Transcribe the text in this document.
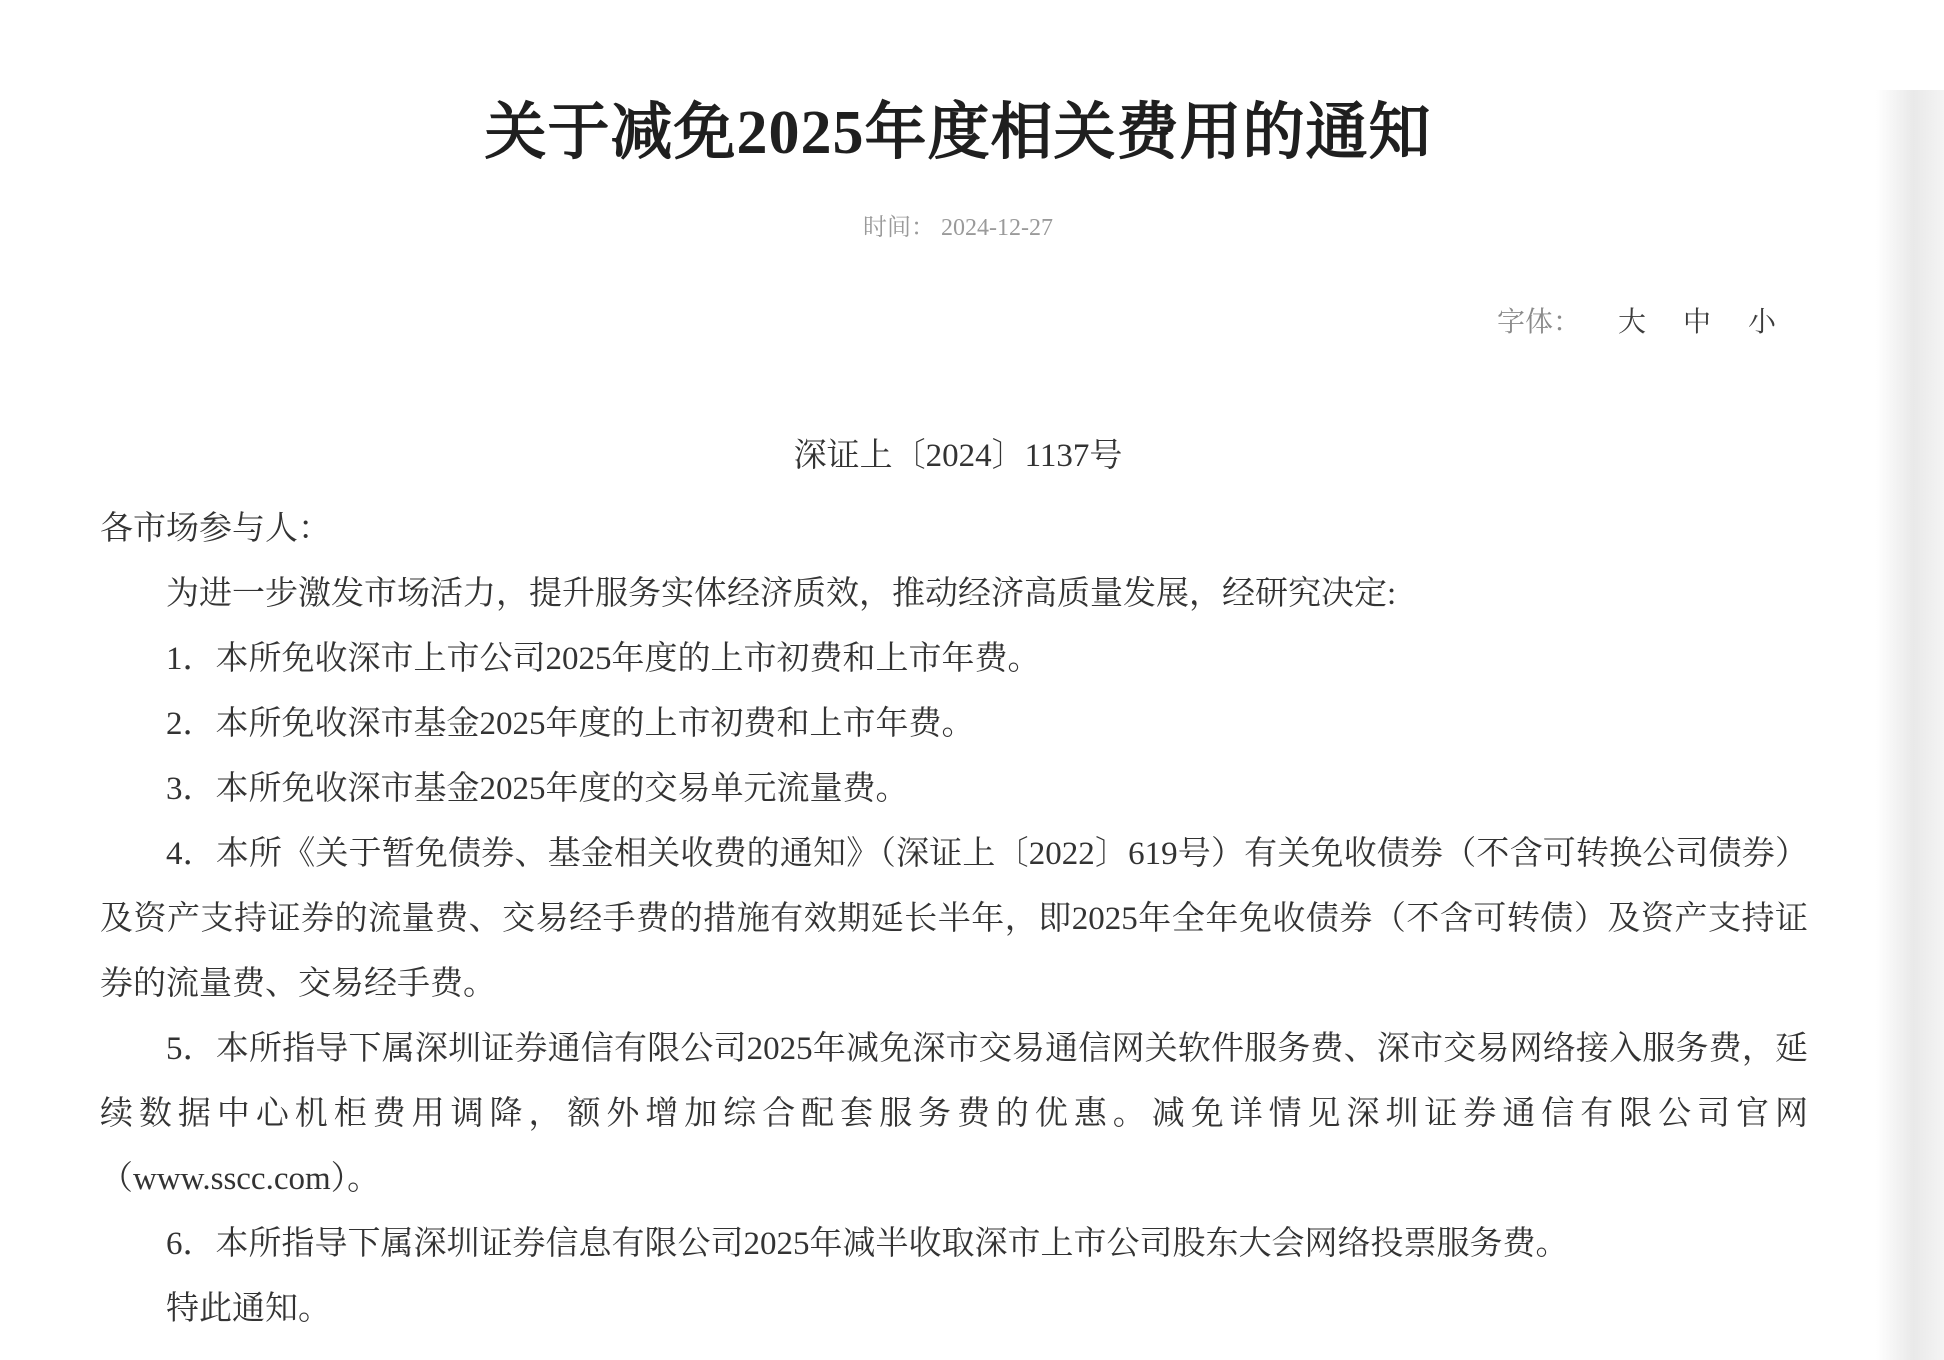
关于减免2025年度相关费用的通知
时间： 2024-12-27
字体： 大 中 小
深证上〔2024〕1137号

各市场参与人：

为进一步激发市场活力，提升服务实体经济质效，推动经济高质量发展，经研究决定:

1．本所免收深市上市公司2025年度的上市初费和上市年费。

2．本所免收深市基金2025年度的上市初费和上市年费。

3．本所免收深市基金2025年度的交易单元流量费。

4．本所《关于暂免债券、基金相关收费的通知》（深证上〔2022〕619号）有关免收债券（不含可转换公司债券）及资产支持证券的流量费、交易经手费的措施有效期延长半年，即2025年全年免收债券（不含可转债）及资产支持证券的流量费、交易经手费。

5．本所指导下属深圳证券通信有限公司2025年减免深市交易通信网关软件服务费、深市交易网络接入服务费，延续数据中心机柜费用调降，额外增加综合配套服务费的优惠。减免详情见深圳证券通信有限公司官网（www.sscc.com）。

6．本所指导下属深圳证券信息有限公司2025年减半收取深市上市公司股东大会网络投票服务费。

特此通知。
